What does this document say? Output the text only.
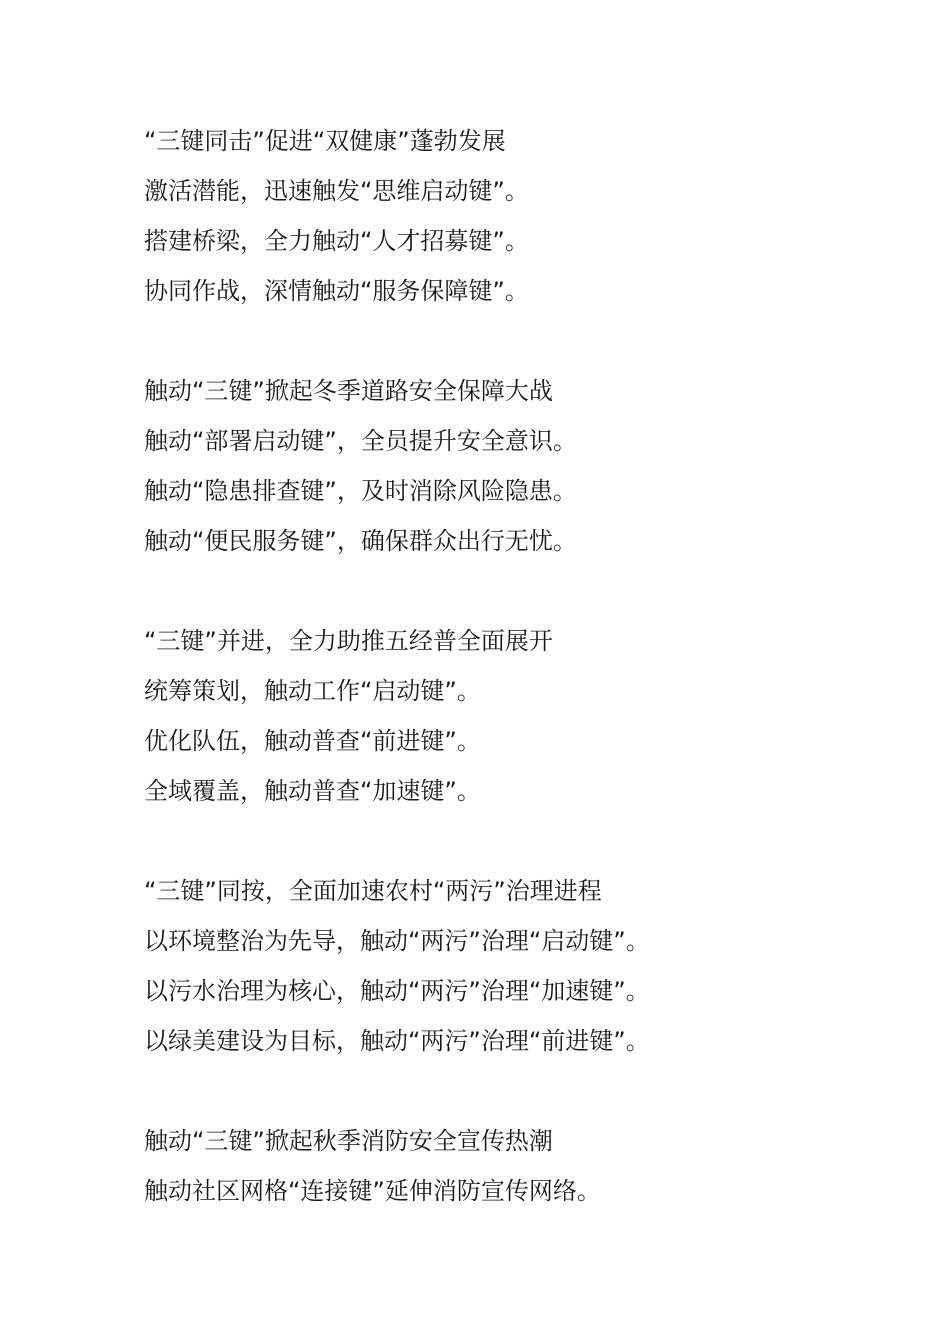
“三键同击”促进“双健康”蓬勃发展
激活潜能，迅速触发“思维启动键”。
搭建桥梁，全力触动“人才招募键”。
协同作战，深情触动“服务保障键”。
触动“三键”掀起冬季道路安全保障大战
触动“部署启动键”，全员提升安全意识。
触动“隐患排查键”，及时消除风险隐患。
触动“便民服务键”，确保群众出行无忧。
“三键”并进，全力助推五经普全面展开
统筹策划，触动工作“启动键”。
优化队伍，触动普查“前进键”。
全域覆盖，触动普查“加速键”。
“三键”同按，全面加速农村“两污”治理进程
以环境整治为先导，触动“两污”治理“启动键”。
以污水治理为核心，触动“两污”治理“加速键”。
以绿美建设为目标，触动“两污”治理“前进键”。
触动“三键”掀起秋季消防安全宣传热潮
触动社区网格“连接键”延伸消防宣传网络。
